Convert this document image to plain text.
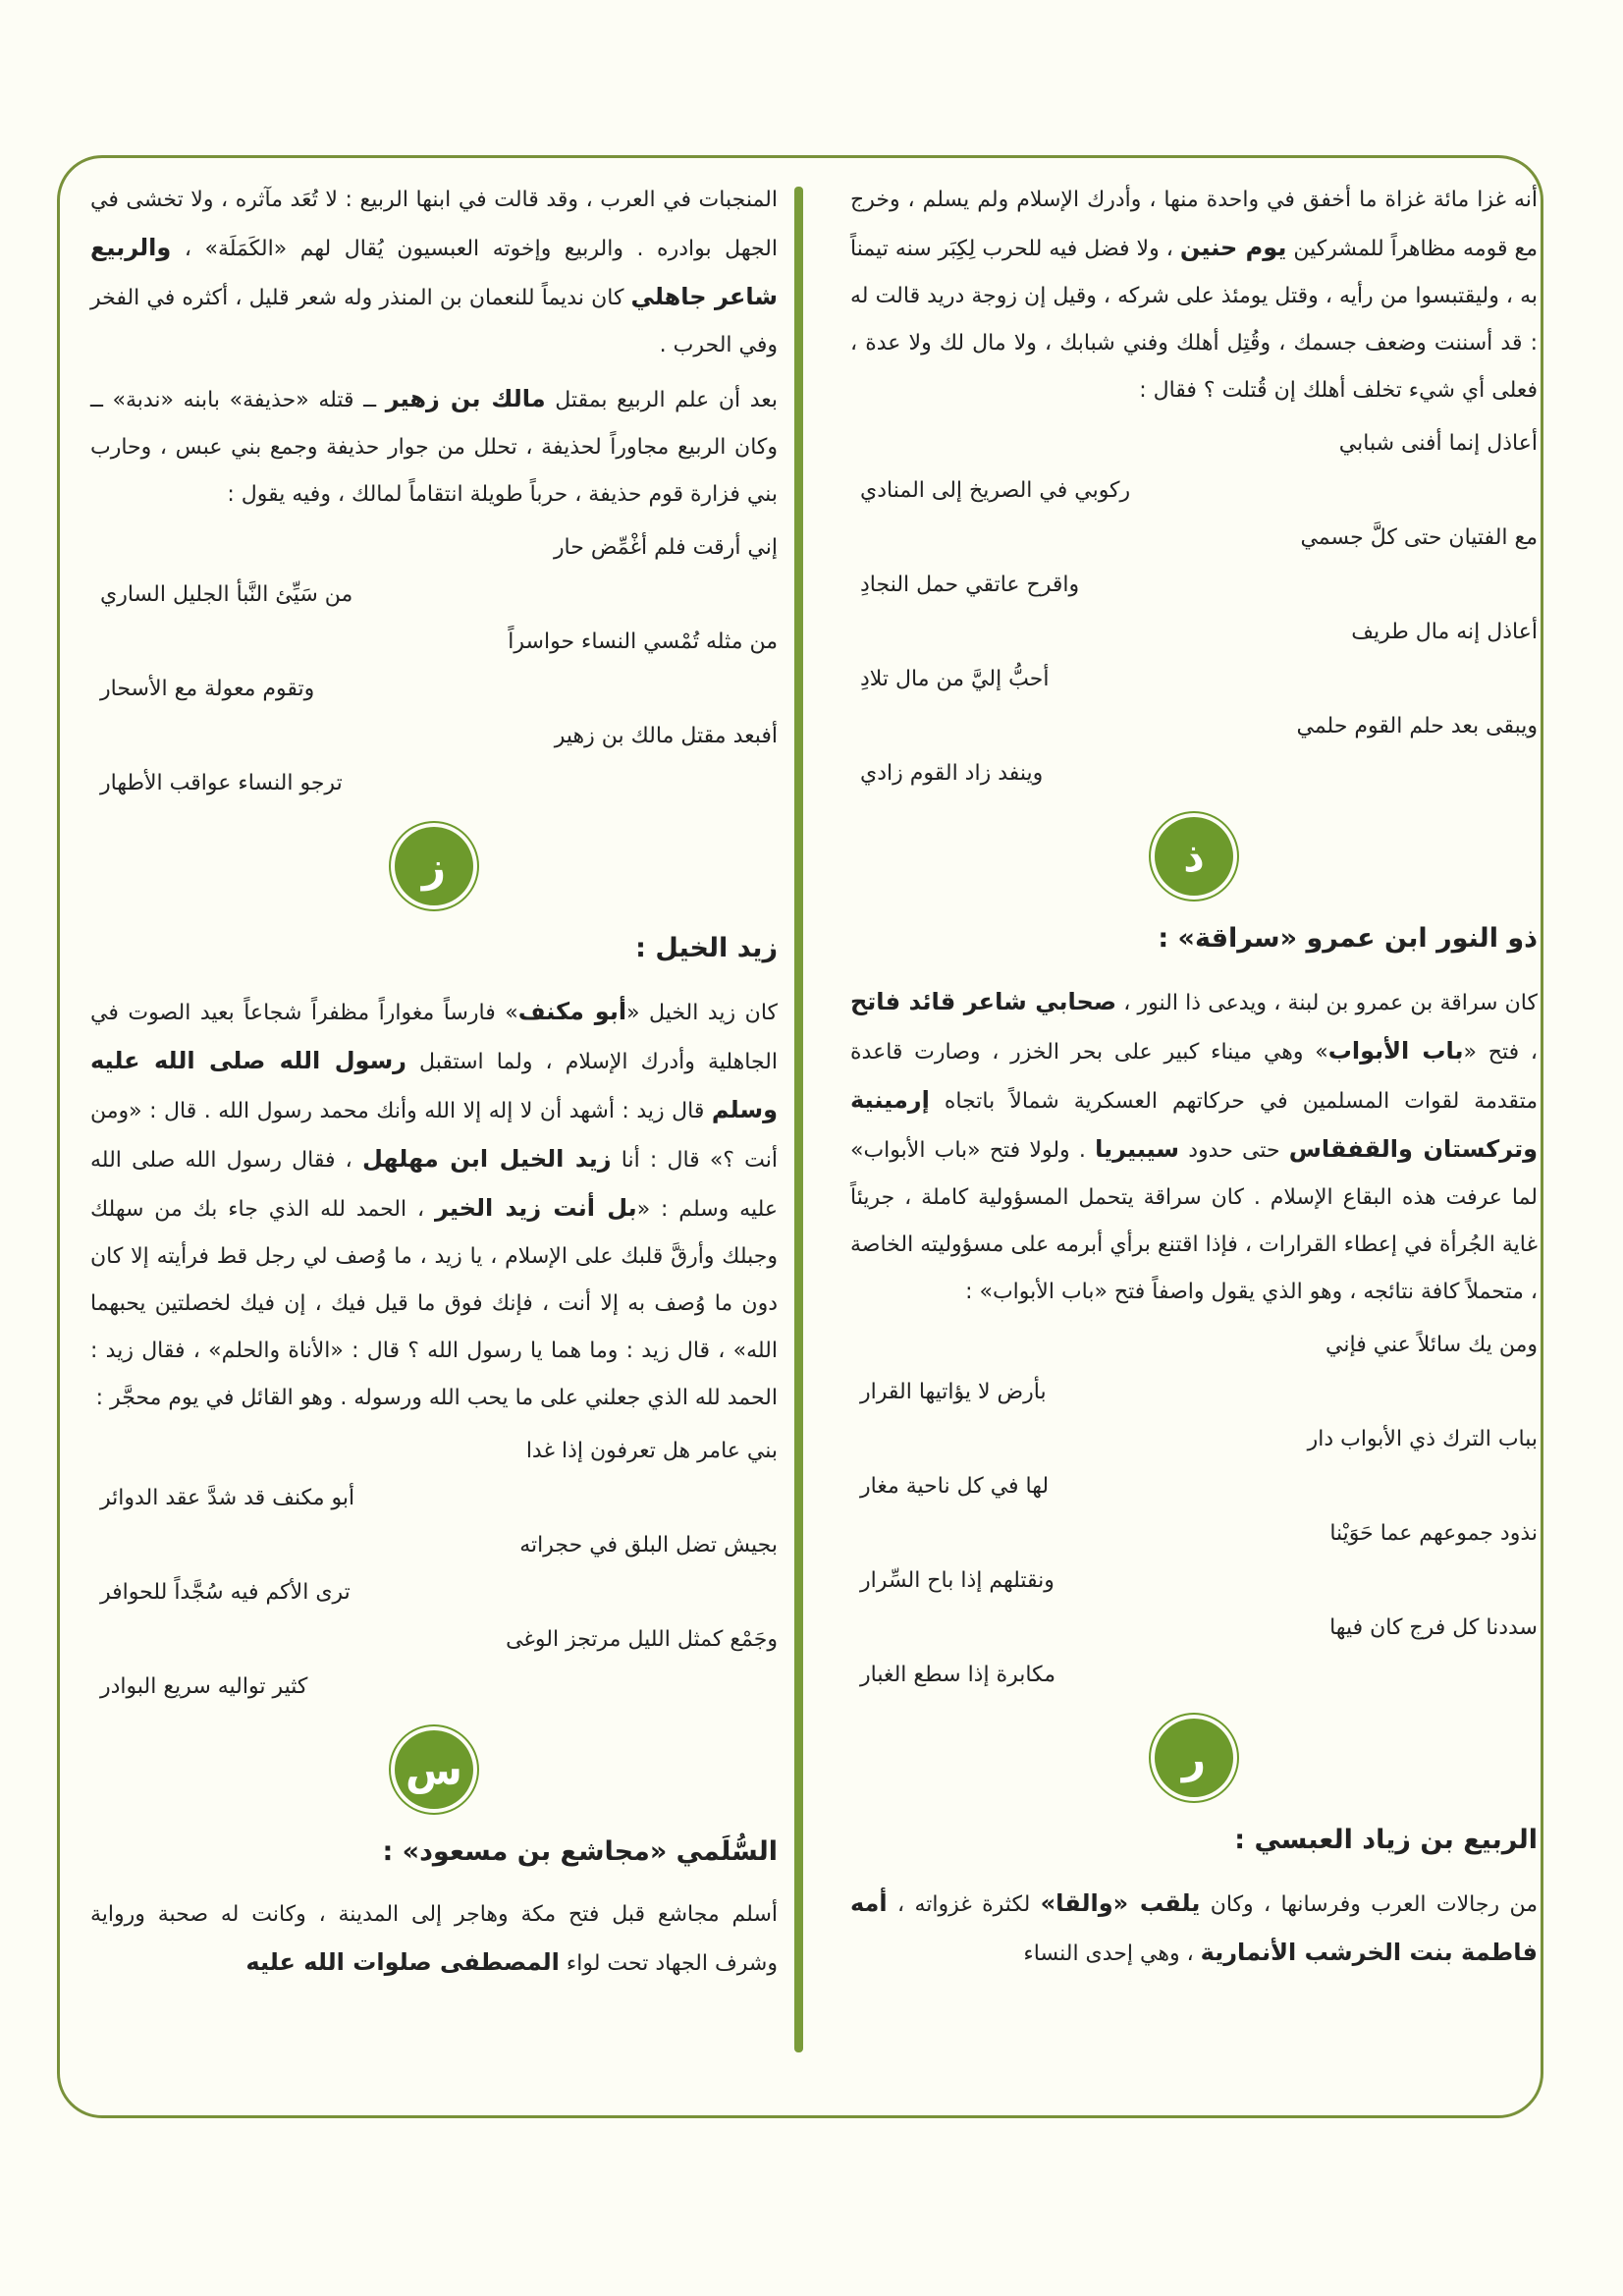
أنه غزا مائة غزاة ما أخفق في واحدة منها ، وأدرك الإسلام ولم يسلم ، وخرج مع قومه مظاهراً للمشركين يوم حنين ، ولا فضل فيه للحرب لِكِبَر سنه تيمناً به ، وليقتبسوا من رأيه ، وقتل يومئذ على شركه ، وقيل إن زوجة دريد قالت له : قد أسننت وضعف جسمك ، وقُتِل أهلك وفني شبابك ، ولا مال لك ولا عدة ، فعلى أي شيء تخلف أهلك إن قُتلت ؟ فقال :

أعاذل إنما أفنى شبابي
ركوبي في الصريخ إلى المنادي
مع الفتيان حتى كلَّ جسمي
واقرح عاتقي حمل النجادِ
أعاذل إنه مال طريف
أحبُّ إليَّ من مال تلادِ
ويبقى بعد حلم القوم حلمي
وينفد زاد القوم زادي
ذ
ذو النور ابن عمرو «سراقة» :

كان سراقة بن عمرو بن لبنة ، ويدعى ذا النور ، صحابي شاعر قائد فاتح ، فتح «باب الأبواب» وهي ميناء كبير على بحر الخزر ، وصارت قاعدة متقدمة لقوات المسلمين في حركاتهم العسكرية شمالاً باتجاه إرمينية وتركستان والقفقاس حتى حدود سيبيريا . ولولا فتح «باب الأبواب» لما عرفت هذه البقاع الإسلام . كان سراقة يتحمل المسؤولية كاملة ، جريئاً غاية الجُرأة في إعطاء القرارات ، فإذا اقتنع برأي أبرمه على مسؤوليته الخاصة ، متحملاً كافة نتائجه ، وهو الذي يقول واصفاً فتح «باب الأبواب» :

ومن يك سائلاً عني فإني
بأرض لا يؤاتيها القرار
بباب الترك ذي الأبواب دار
لها في كل ناحية مغار
نذود جموعهم عما حَوَيْنا
ونقتلهم إذا باح السِّرار
سددنا كل فرج كان فيها
مكابرة إذا سطع الغبار
ر
الربيع بن زياد العبسي :

من رجالات العرب وفرسانها ، وكان يلقب «والقا» لكثرة غزواته ، أمه فاطمة بنت الخرشب الأنمارية ، وهي إحدى النساء

المنجبات في العرب ، وقد قالت في ابنها الربيع : لا تُعَد مآثره ، ولا تخشى في الجهل بوادره . والربيع وإخوته العبسيون يُقال لهم «الكَمَلَة» ، والربيع شاعر جاهلي كان نديماً للنعمان بن المنذر وله شعر قليل ، أكثره في الفخر وفي الحرب .

بعد أن علم الربيع بمقتل مالك بن زهير ــ قتله «حذيفة» بابنه «ندبة» ــ وكان الربيع مجاوراً لحذيفة ، تحلل من جوار حذيفة وجمع بني عبس ، وحارب بني فزارة قوم حذيفة ، حرباً طويلة انتقاماً لمالك ، وفيه يقول :

إني أرقت فلم أغْمِّض حار
من سَيِّئ النَّبأ الجليل الساري
من مثله تُمْسي النساء حواسراً
وتقوم معولة مع الأسحار
أفبعد مقتل مالك بن زهير
ترجو النساء عواقب الأطهار
ز
زيد الخيل :

كان زيد الخيل «أبو مكنف» فارساً مغواراً مظفراً شجاعاً بعيد الصوت في الجاهلية وأدرك الإسلام ، ولما استقبل رسول الله صلى الله عليه وسلم قال زيد : أشهد أن لا إله إلا الله وأنك محمد رسول الله . قال : «ومن أنت ؟» قال : أنا زيد الخيل ابن مهلهل ، فقال رسول الله صلى الله عليه وسلم : «بل أنت زيد الخير ، الحمد لله الذي جاء بك من سهلك وجبلك وأرقَّ قلبك على الإسلام ، يا زيد ، ما وُصف لي رجل قط فرأيته إلا كان دون ما وُصف به إلا أنت ، فإنك فوق ما قيل فيك ، إن فيك لخصلتين يحبهما الله» ، قال زيد : وما هما يا رسول الله ؟ قال : «الأناة والحلم» ، فقال زيد : الحمد لله الذي جعلني على ما يحب الله ورسوله . وهو القائل في يوم محجَّر :

بني عامر هل تعرفون إذا غدا
أبو مكنف قد شدَّ عقد الدوائر
بجيش تضل البلق في حجراته
ترى الأكم فيه سُجَّداً للحوافر
وجَمْع كمثل الليل مرتجز الوغى
كثير تواليه سريع البوادر
س
السُّلَمي «مجاشع بن مسعود» :

أسلم مجاشع قبل فتح مكة وهاجر إلى المدينة ، وكانت له صحبة ورواية وشرف الجهاد تحت لواء المصطفى صلوات الله عليه
